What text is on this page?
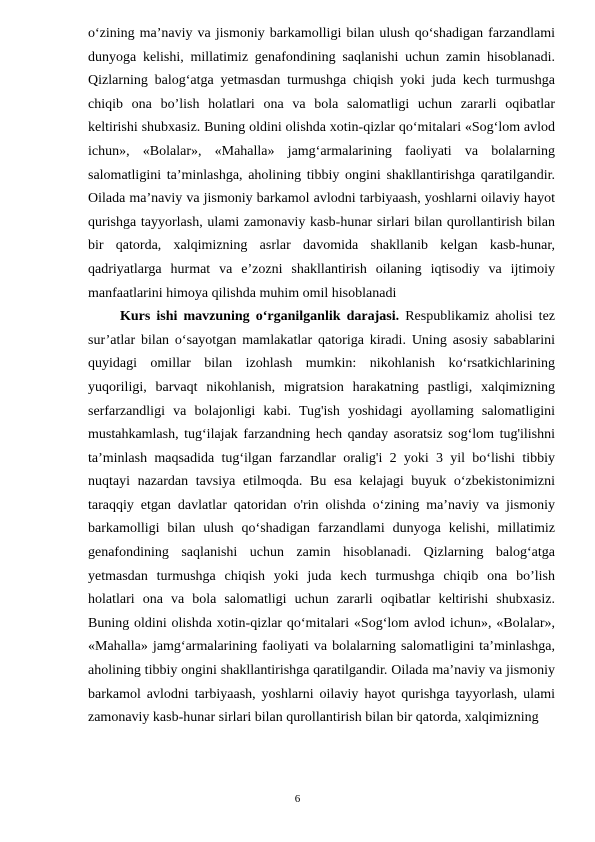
o‘zining ma’naviy va jismoniy barkamolligi bilan ulush qo‘shadigan farzandlami dunyoga kelishi, millatimiz genafondining saqlanishi uchun zamin hisoblanadi. Qizlarning balog‘atga yetmasdan turmushga chiqish yoki juda kech turmushga chiqib ona bo’lish holatlari ona va bola salomatligi uchun zararli oqibatlar keltirishi shubxasiz. Buning oldini olishda xotin-qizlar qo‘mitalari «Sog‘lom avlod ichun», «Bolalar», «Mahalla» jamg‘armalarining faoliyati va bolalarning salomatligini ta’minlashga, aholining tibbiy ongini shakllantirishga qaratilgandir. Oilada ma’naviy va jismoniy barkamol avlodni tarbiyaash, yoshlarni oilaviy hayot qurishga tayyorlash, ulami zamonaviy kasb-hunar sirlari bilan qurollantirish bilan bir qatorda, xalqimizning asrlar davomida shakllanib kelgan kasb-hunar, qadriyatlarga hurmat va e’zozni shakllantirish oilaning iqtisodiy va ijtimoiy manfaatlarini himoya qilishda muhim omil hisoblanadi

Kurs ishi mavzuning o‘rganilganlik darajasi. Respublikamiz aholisi tez sur’atlar bilan o‘sayotgan mamlakatlar qatoriga kiradi. Uning asosiy sabablarini quyidagi omillar bilan izohlash mumkin: nikohlanish ko‘rsatkichlarining yuqoriligi, barvaqt nikohlanish, migratsion harakatning pastligi, xalqimizning serfarzandligi va bolajonligi kabi. Tug'ish yoshidagi ayollaming salomatligini mustahkamlash, tug‘ilajak farzandning hech qanday asoratsiz sog‘lom tug'ilishni ta’minlash maqsadida tug‘ilgan farzandlar oralig'i 2 yoki 3 yil bo‘lishi tibbiy nuqtayi nazardan tavsiya etilmoqda. Bu esa kelajagi buyuk o‘zbekistonimizni taraqqiy etgan davlatlar qatoridan o'rin olishda o‘zining ma’naviy va jismoniy barkamolligi bilan ulush qo‘shadigan farzandlami dunyoga kelishi, millatimiz genafondining saqlanishi uchun zamin hisoblanadi. Qizlarning balog‘atga yetmasdan turmushga chiqish yoki juda kech turmushga chiqib ona bo’lish holatlari ona va bola salomatligi uchun zararli oqibatlar keltirishi shubxasiz. Buning oldini olishda xotin-qizlar qo‘mitalari «Sog‘lom avlod ichun», «Bolalar», «Mahalla» jamg‘armalarining faoliyati va bolalarning salomatligini ta’minlashga, aholining tibbiy ongini shakllantirishga qaratilgandir. Oilada ma’naviy va jismoniy barkamol avlodni tarbiyaash, yoshlarni oilaviy hayot qurishga tayyorlash, ulami zamonaviy kasb-hunar sirlari bilan qurollantirish bilan bir qatorda, xalqimizning

6
